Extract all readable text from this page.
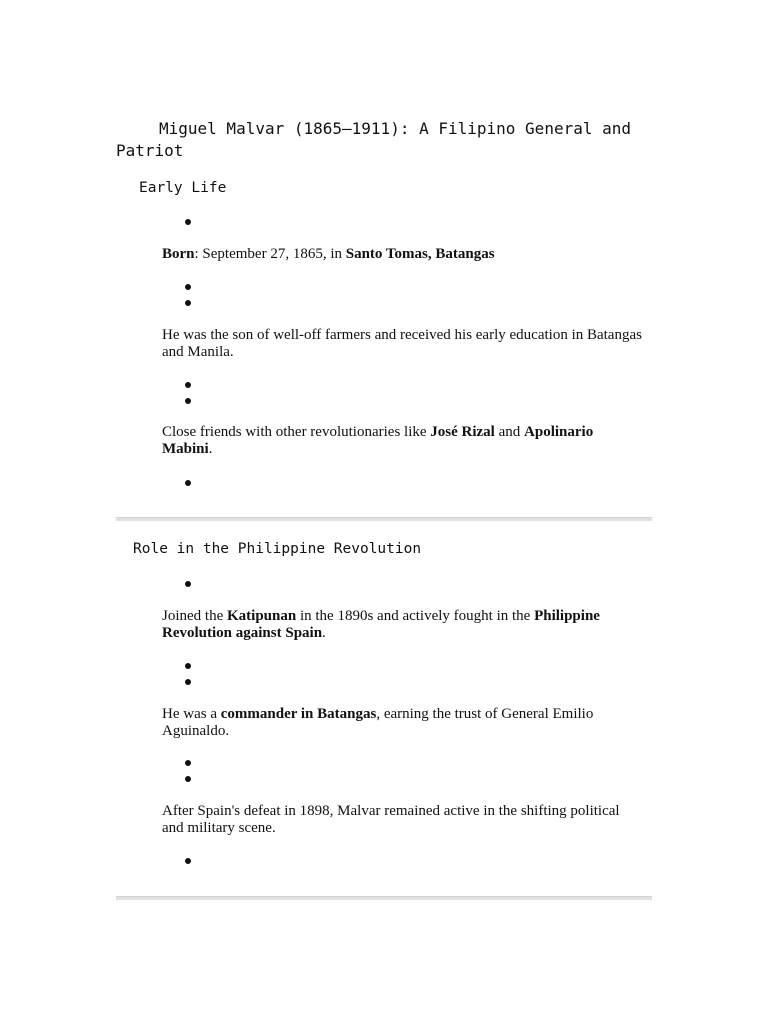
Miguel Malvar (1865–1911): A Filipino General and Patriot
Early Life

Born: September 27, 1865, in Santo Tomas, Batangas

He was the son of well-off farmers and received his early education in Batangas and Manila.

Close friends with other revolutionaries like José Rizal and Apolinario Mabini.

Role in the Philippine Revolution

Joined the Katipunan in the 1890s and actively fought in the Philippine Revolution against Spain.

He was a commander in Batangas, earning the trust of General Emilio Aguinaldo.

After Spain's defeat in 1898, Malvar remained active in the shifting political and military scene.
